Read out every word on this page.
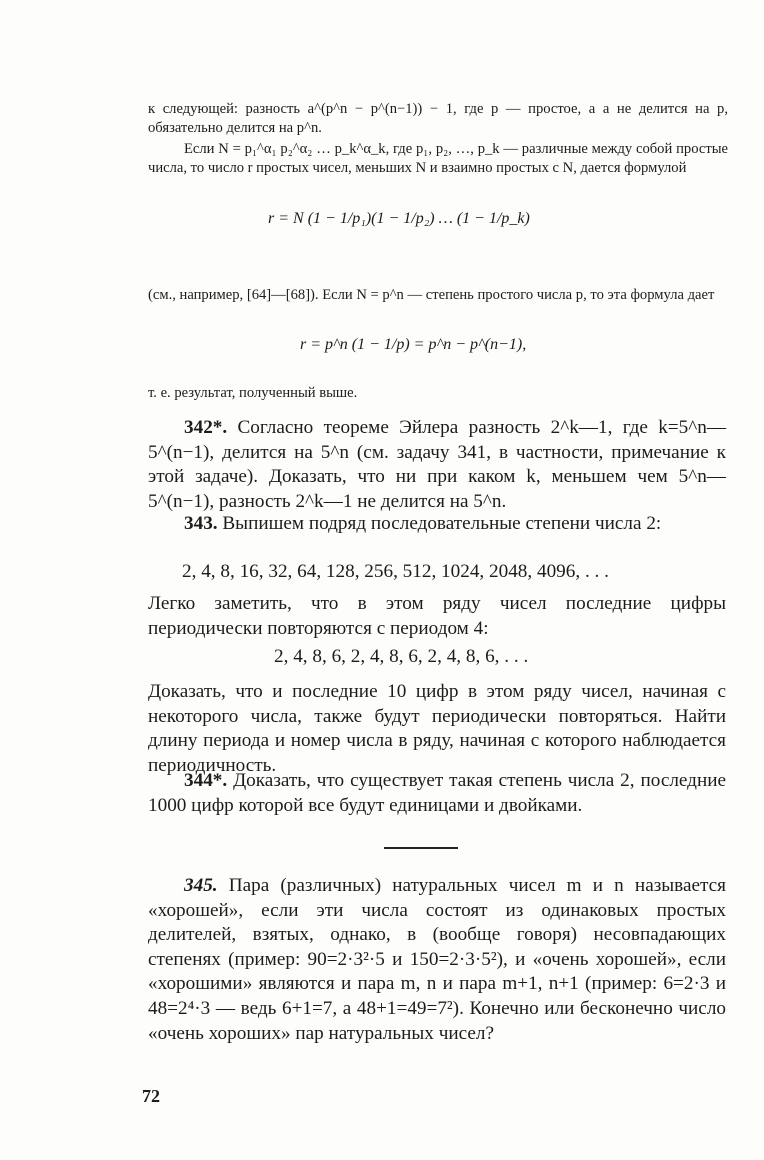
к следующей: разность a^(p^n − p^(n−1)) − 1, где p — простое, a a не делится на p, обязательно делится на p^n.

Если N = p₁^α₁ p₂^α₂ … p_k^α_k, где p₁, p₂, …, p_k — различные между собой простые числа, то число r простых чисел, меньших N и взаимно простых с N, дается формулой

r = N (1 − 1/p₁)(1 − 1/p₂) … (1 − 1/p_k)

(см., например, [64]—[68]). Если N = p^n — степень простого числа p, то эта формула дает

r = p^n (1 − 1/p) = p^n − p^(n−1),

т. е. результат, полученный выше.

342*. Согласно теореме Эйлера разность 2^k—1, где k=5^n—5^(n−1), делится на 5^n (см. задачу 341, в частности, примечание к этой задаче). Доказать, что ни при каком k, меньшем чем 5^n—5^(n−1), разность 2^k—1 не делится на 5^n.

343. Выпишем подряд последовательные степени числа 2:

2, 4, 8, 16, 32, 64, 128, 256, 512, 1024, 2048, 4096, . . .

Легко заметить, что в этом ряду чисел последние цифры периодически повторяются с периодом 4:

2, 4, 8, 6, 2, 4, 8, 6, 2, 4, 8, 6, . . .

Доказать, что и последние 10 цифр в этом ряду чисел, начиная с некоторого числа, также будут периодически повторяться. Найти длину периода и номер числа в ряду, начиная с которого наблюдается периодичность.

344*. Доказать, что существует такая степень числа 2, последние 1000 цифр которой все будут единицами и двойками.

345. Пара (различных) натуральных чисел m и n называется «хорошей», если эти числа состоят из одинаковых простых делителей, взятых, однако, в (вообще говоря) несовпадающих степенях (пример: 90=2·3²·5 и 150=2·3·5²), и «очень хорошей», если «хорошими» являются и пара m, n и пара m+1, n+1 (пример: 6=2·3 и 48=2⁴·3 — ведь 6+1=7, а 48+1=49=7²). Конечно или бесконечно число «очень хороших» пар натуральных чисел?

72
